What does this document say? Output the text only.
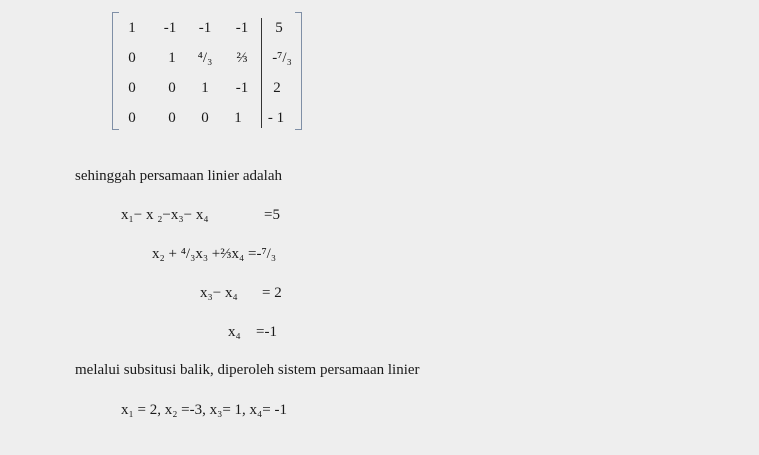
1 -1 -1 -1 5
0 1 ⁴/₃ ⅔ -⁷/₃
0 0 1 -1 2
0 0 0 1 - 1
sehinggah persamaan linier adalah
x₁− x ₂−x₃− x₄	=5
x₂ + ⁴/₃x₃ +⅔x₄ =-⁷/₃
x₃− x₄ = 2
x₄ =-1
melalui subsitusi balik, diperoleh sistem persamaan linier
x₁ = 2, x₂ =-3, x₃= 1, x₄= -1
